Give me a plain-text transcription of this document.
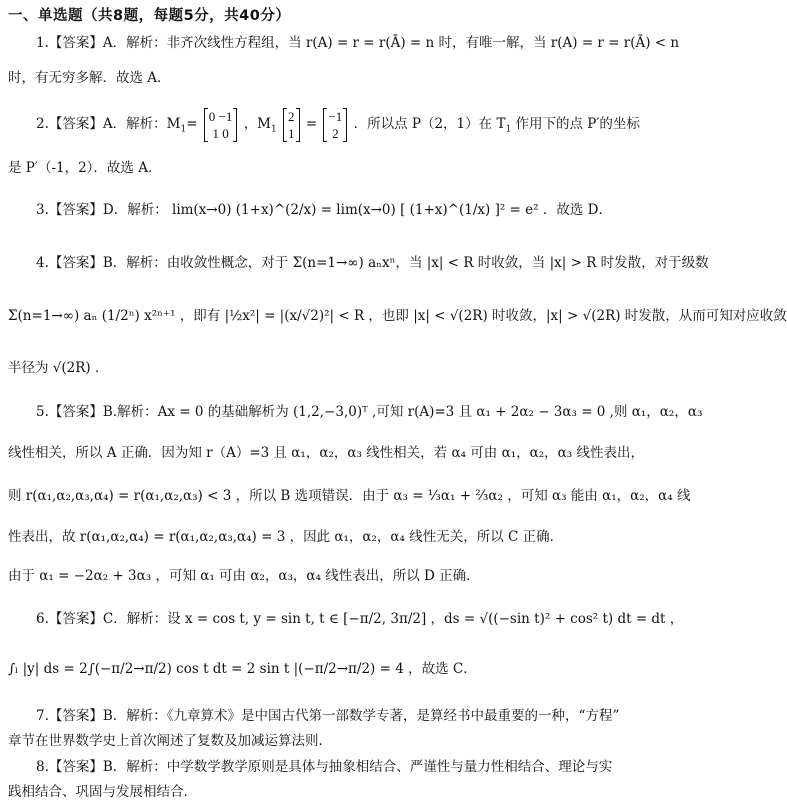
一、单选题（共8题，每题5分，共40分）
1.【答案】A．解析：非齐次线性方程组，当 r(A) = r = r(Ā) = n 时，有唯一解，当 r(A) = r = r(Ā) < n
时，有无穷多解．故选 A．
2.【答案】A．解析：$M_1= 0 -1$
1 0
，$M_1$
2
1
= −1
2
．所以点 P（2，1）在 $T_1$ 作用下的点 P′的坐标
是 P′（-1，2）．故选 A．
3.【答案】D．解析： lim(x→0) (1+x)^(2/x) = lim(x→0) [ (1+x)^(1/x) ]² = e² ．故选 D．
4.【答案】B．解析：由收敛性概念，对于 Σ(n=1→∞) aₙxⁿ，当 |x| < R 时收敛，当 |x| > R 时发散，对于级数
Σ(n=1→∞) aₙ (1/2ⁿ) x²ⁿ⁺¹ ，即有 |½x²| = |(x/√2)²| < R ，也即 |x| < √(2R) 时收敛，|x| > √(2R) 时发散，从而可知对应收敛
半径为 √(2R) ．
5.【答案】B.解析：Ax = 0 的基础解析为 (1,2,−3,0)ᵀ ,可知 r(A)=3 且 α₁ + 2α₂ − 3α₃ = 0 ,则 α₁，α₂，α₃
线性相关，所以 A 正确．因为知 r（A）=3 且 α₁，α₂，α₃ 线性相关，若 α₄ 可由 α₁，α₂，α₃ 线性表出，
则 r(α₁,α₂,α₃,α₄) = r(α₁,α₂,α₃) < 3 ，所以 B 选项错误．由于 α₃ = ⅓α₁ + ⅔α₂ ，可知 α₃ 能由 α₁，α₂，α₄ 线
性表出，故 r(α₁,α₂,α₄) = r(α₁,α₂,α₃,α₄) = 3 ，因此 α₁，α₂，α₄ 线性无关，所以 C 正确．
由于 α₁ = −2α₂ + 3α₃ ，可知 α₁ 可由 α₂，α₃，α₄ 线性表出，所以 D 正确．
6.【答案】C．解析：设 x = cos t, y = sin t, t ∈ [−π/2, 3π/2] ，ds = √((−sin t)² + cos² t) dt = dt ，
∫ₗ |y| ds = 2∫(−π/2→π/2) cos t dt = 2 sin t |(−π/2→π/2) = 4 ，故选 C．
7.【答案】B．解析：《九章算术》是中国古代第一部数学专著，是算经书中最重要的一种，“方程”
章节在世界数学史上首次阐述了复数及加减运算法则．
8.【答案】B．解析：中学数学教学原则是具体与抽象相结合、严谨性与量力性相结合、理论与实
践相结合、巩固与发展相结合．
